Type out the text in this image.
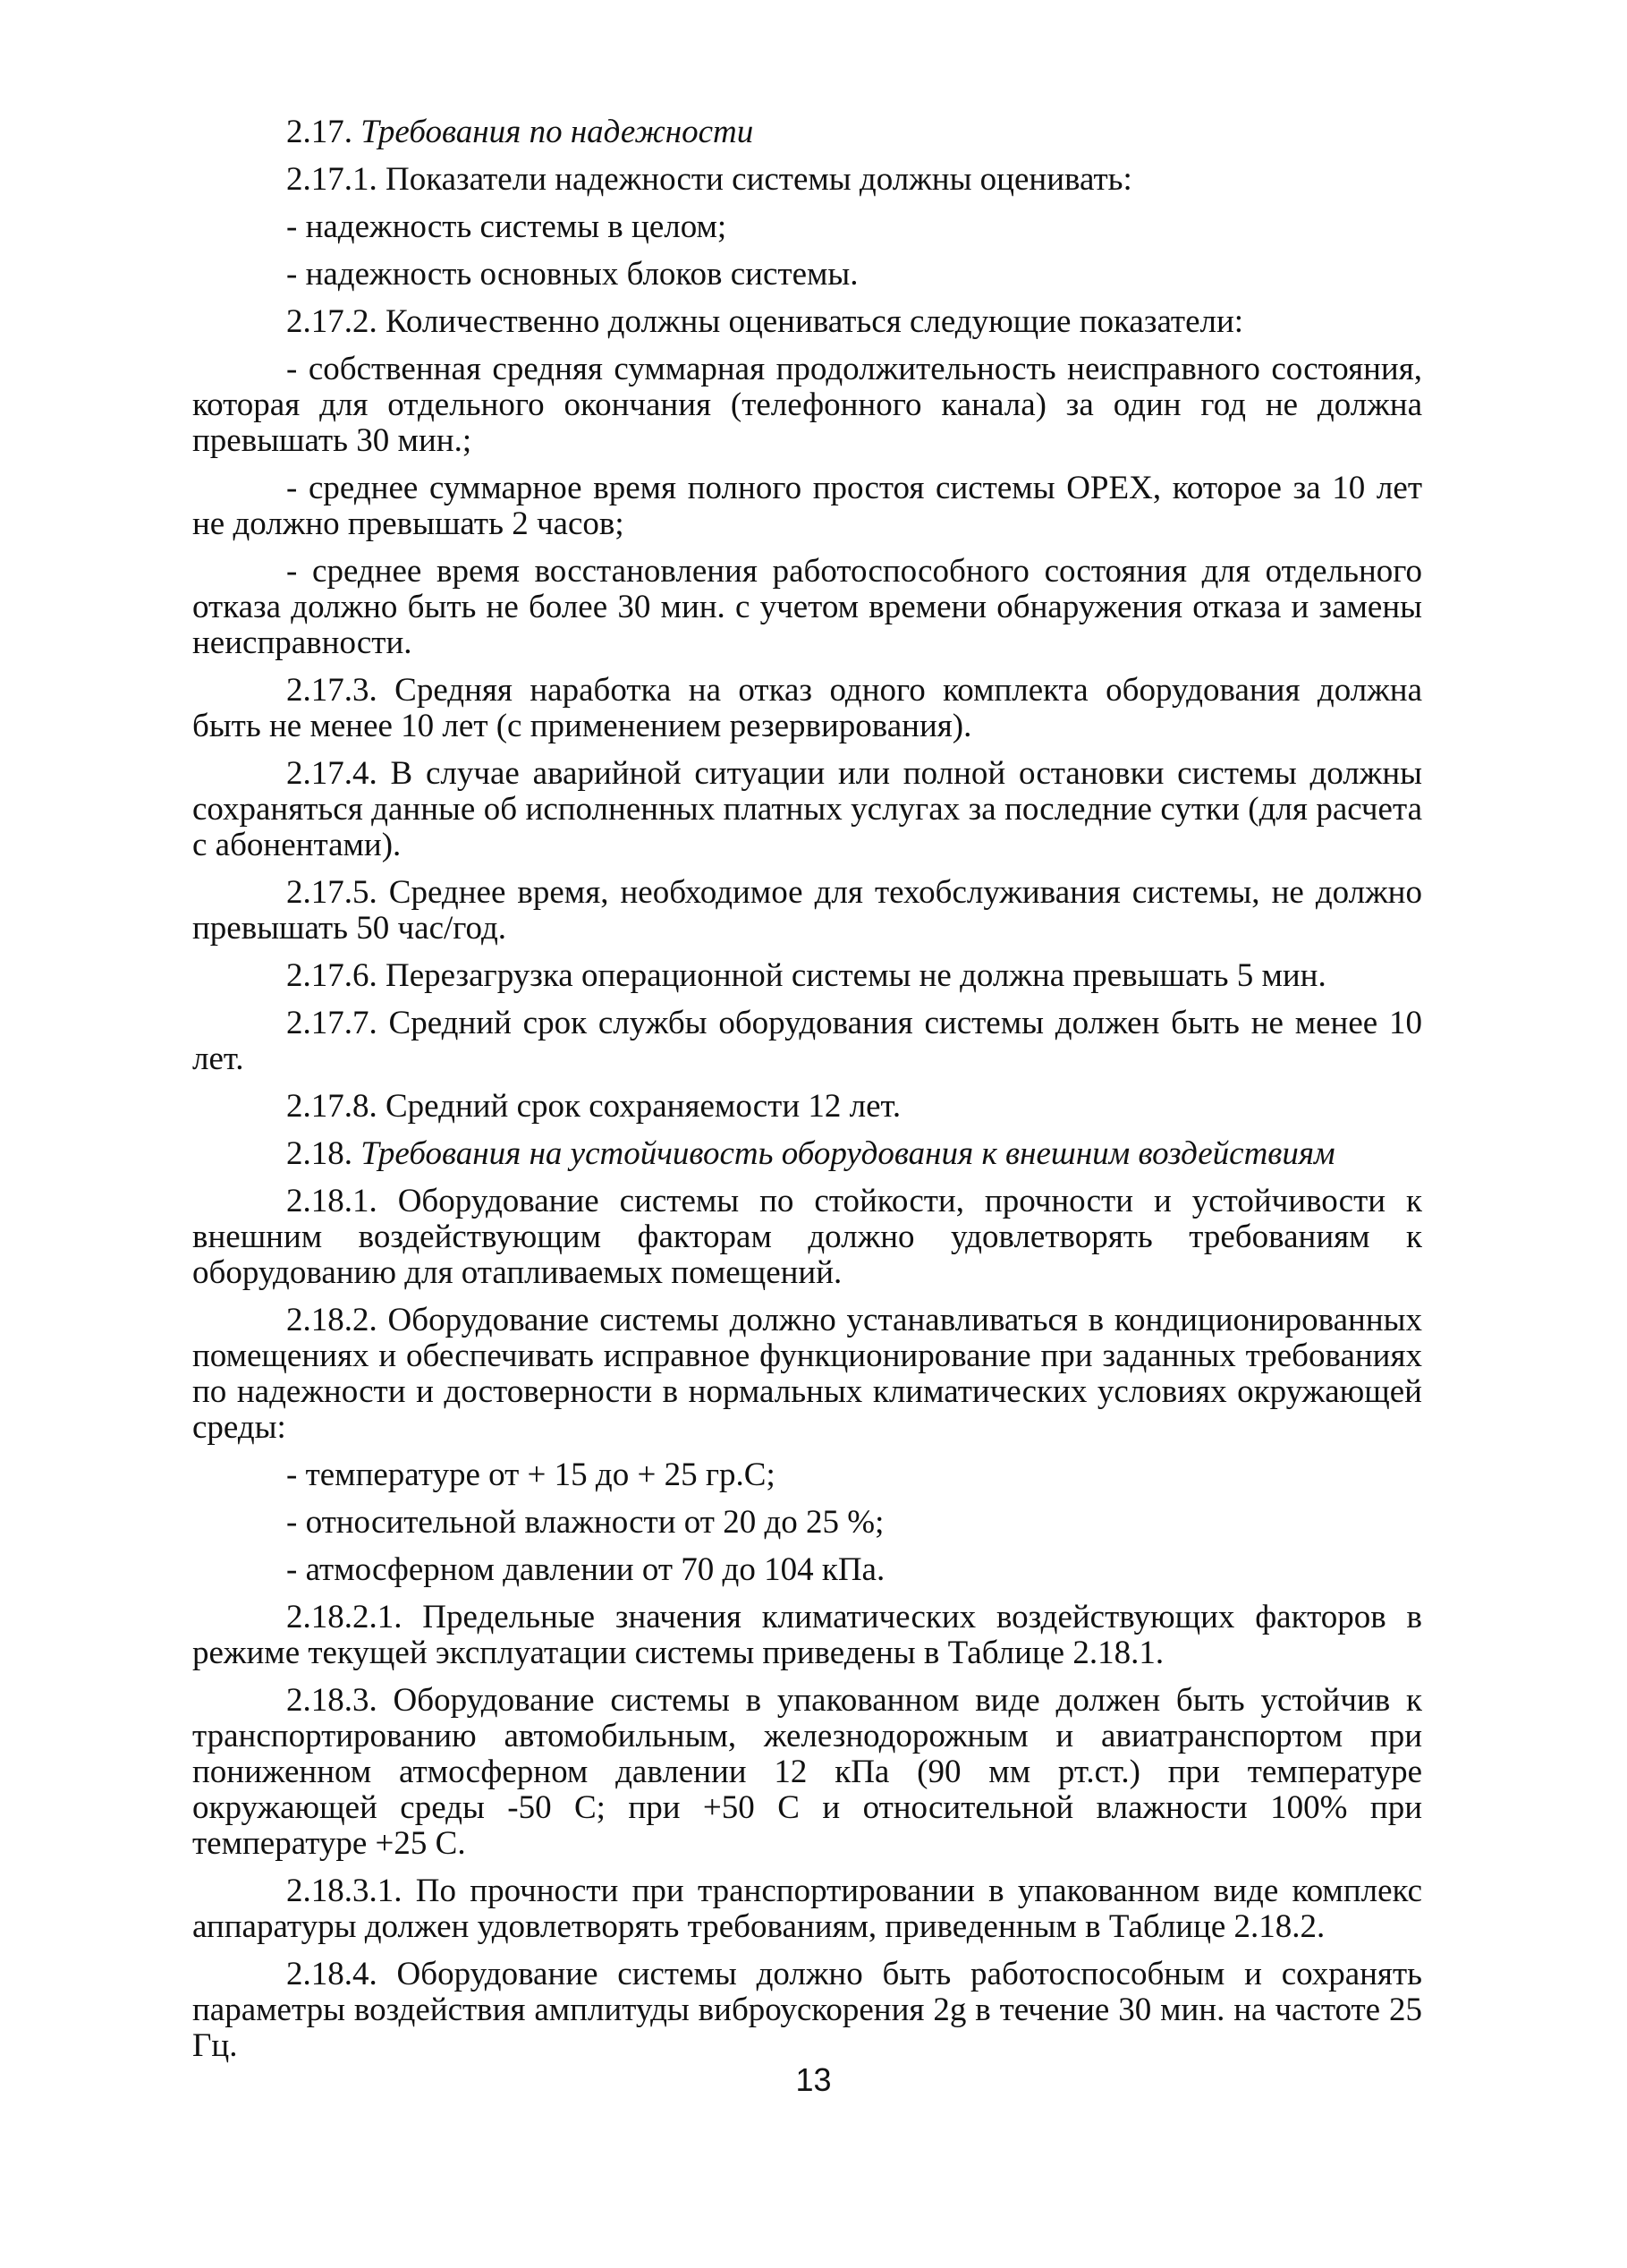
2.17. Требования по надежности

2.17.1. Показатели надежности системы должны оценивать:

- надежность системы в целом;

- надежность основных блоков системы.

2.17.2. Количественно должны оцениваться следующие показатели:

- собственная средняя суммарная продолжительность неисправного состояния, которая для отдельного окончания (телефонного канала) за один год не должна превышать 30 мин.;

- среднее суммарное время полного простоя системы OPEX, которое за 10 лет не должно превышать 2 часов;

- среднее время восстановления работоспособного состояния для отдельного отказа должно быть не более 30 мин. с учетом времени обнаружения отказа и замены неисправности.

2.17.3. Средняя наработка на отказ одного комплекта оборудования должна быть не менее 10 лет (с применением резервирования).

2.17.4. В случае аварийной ситуации или полной остановки системы должны сохраняться данные об исполненных платных услугах за последние сутки (для расчета с абонентами).

2.17.5. Среднее время, необходимое для техобслуживания системы, не должно превышать 50 час/год.

2.17.6. Перезагрузка операционной системы не должна превышать 5 мин.

2.17.7. Средний срок службы оборудования системы должен быть не менее 10 лет.

2.17.8. Средний срок сохраняемости 12 лет.

2.18. Требования на устойчивость оборудования к внешним воздействиям

2.18.1. Оборудование системы по стойкости, прочности и устойчивости к внешним воздействующим факторам должно удовлетворять требованиям к оборудованию для отапливаемых помещений.

2.18.2. Оборудование системы должно устанавливаться в кондиционированных помещениях и обеспечивать исправное функционирование при заданных требованиях по надежности и достоверности в нормальных климатических условиях окружающей среды:

- температуре от + 15 до + 25 гр.С;

- относительной влажности от 20 до 25 %;

- атмосферном давлении от 70 до 104 кПа.

2.18.2.1. Предельные значения климатических воздействующих факторов в режиме текущей эксплуатации системы приведены в Таблице 2.18.1.

2.18.3. Оборудование системы в упакованном виде должен быть устойчив к транспортированию автомобильным, железнодорожным и авиатранспортом при пониженном атмосферном давлении 12 кПа (90 мм рт.ст.) при температуре окружающей среды -50 С; при +50 С и относительной влажности 100% при температуре +25 С.

2.18.3.1. По прочности при транспортировании в упакованном виде комплекс аппаратуры должен удовлетворять требованиям, приведенным в Таблице 2.18.2.

2.18.4. Оборудование системы должно быть работоспособным и сохранять параметры воздействия амплитуды виброускорения 2g в течение 30 мин. на частоте 25 Гц.

13
